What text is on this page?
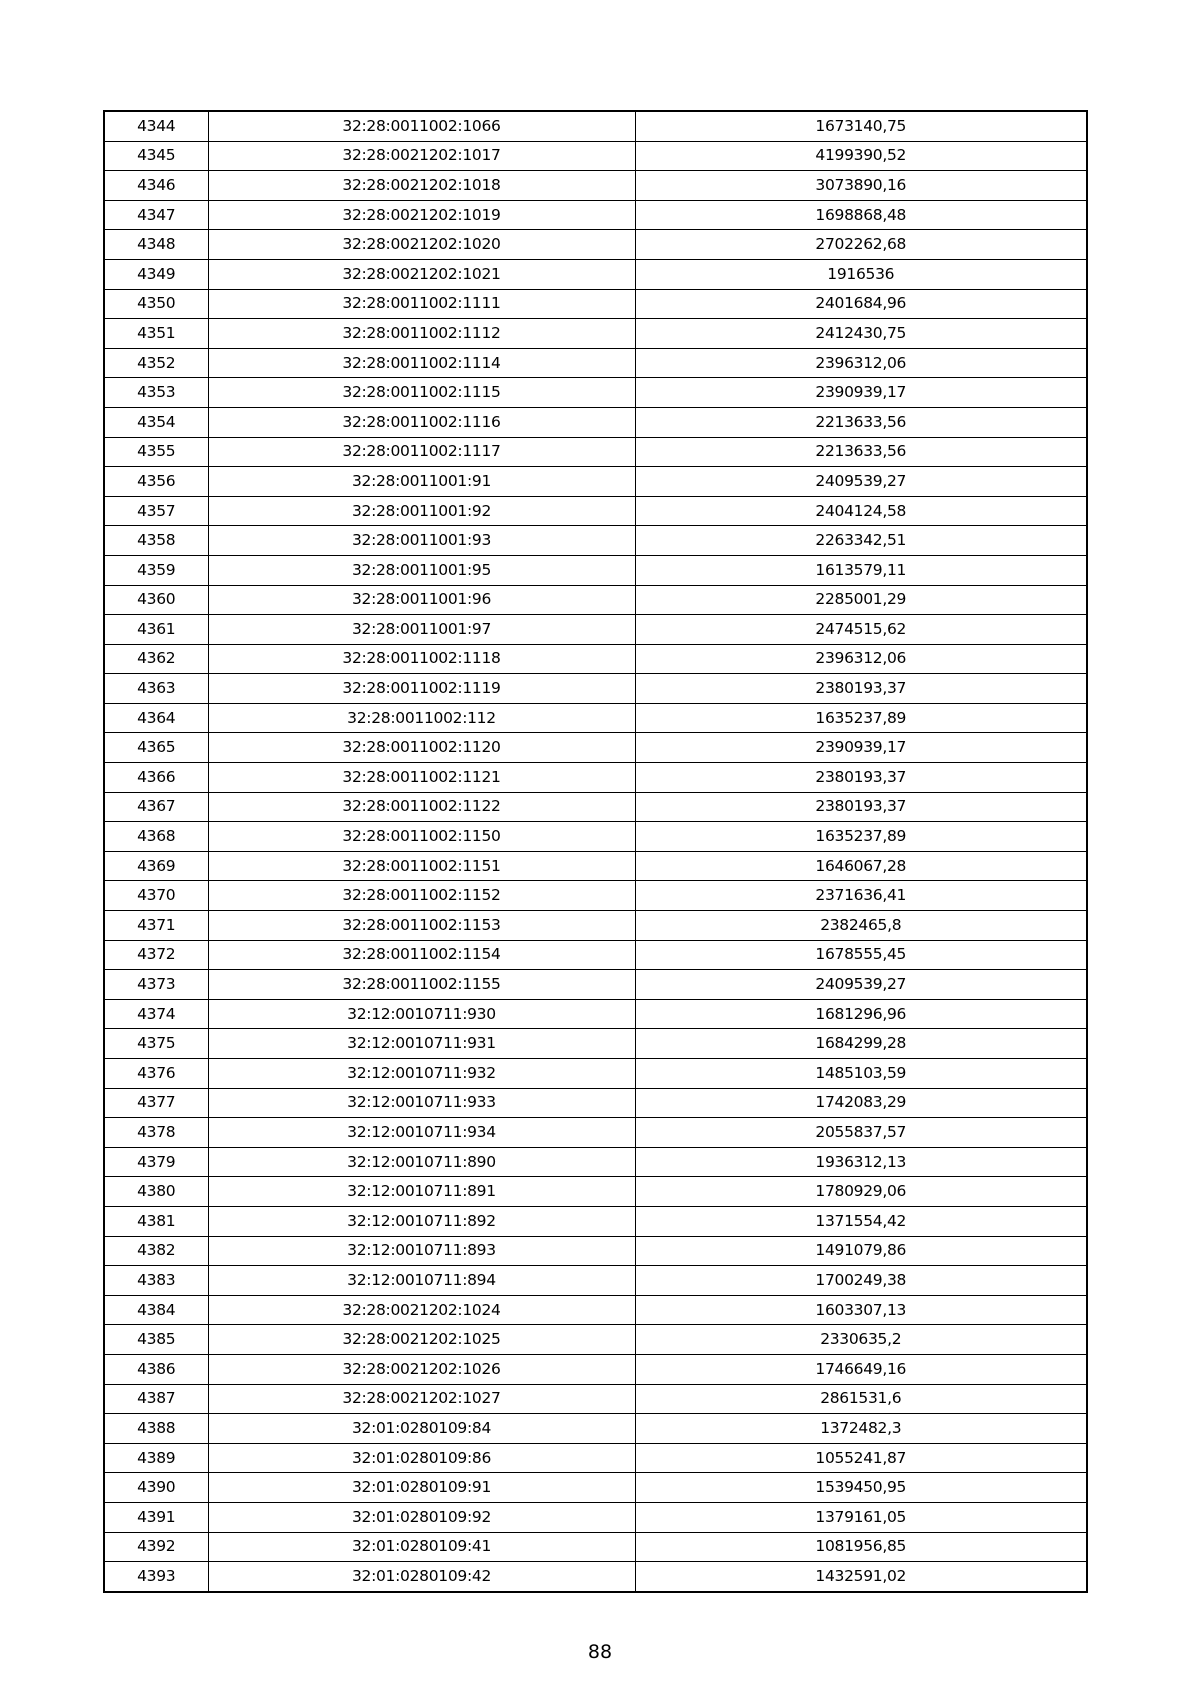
4344	32:28:0011002:1066	1673140,75
4345	32:28:0021202:1017	4199390,52
4346	32:28:0021202:1018	3073890,16
4347	32:28:0021202:1019	1698868,48
4348	32:28:0021202:1020	2702262,68
4349	32:28:0021202:1021	1916536
4350	32:28:0011002:1111	2401684,96
4351	32:28:0011002:1112	2412430,75
4352	32:28:0011002:1114	2396312,06
4353	32:28:0011002:1115	2390939,17
4354	32:28:0011002:1116	2213633,56
4355	32:28:0011002:1117	2213633,56
4356	32:28:0011001:91	2409539,27
4357	32:28:0011001:92	2404124,58
4358	32:28:0011001:93	2263342,51
4359	32:28:0011001:95	1613579,11
4360	32:28:0011001:96	2285001,29
4361	32:28:0011001:97	2474515,62
4362	32:28:0011002:1118	2396312,06
4363	32:28:0011002:1119	2380193,37
4364	32:28:0011002:112	1635237,89
4365	32:28:0011002:1120	2390939,17
4366	32:28:0011002:1121	2380193,37
4367	32:28:0011002:1122	2380193,37
4368	32:28:0011002:1150	1635237,89
4369	32:28:0011002:1151	1646067,28
4370	32:28:0011002:1152	2371636,41
4371	32:28:0011002:1153	2382465,8
4372	32:28:0011002:1154	1678555,45
4373	32:28:0011002:1155	2409539,27
4374	32:12:0010711:930	1681296,96
4375	32:12:0010711:931	1684299,28
4376	32:12:0010711:932	1485103,59
4377	32:12:0010711:933	1742083,29
4378	32:12:0010711:934	2055837,57
4379	32:12:0010711:890	1936312,13
4380	32:12:0010711:891	1780929,06
4381	32:12:0010711:892	1371554,42
4382	32:12:0010711:893	1491079,86
4383	32:12:0010711:894	1700249,38
4384	32:28:0021202:1024	1603307,13
4385	32:28:0021202:1025	2330635,2
4386	32:28:0021202:1026	1746649,16
4387	32:28:0021202:1027	2861531,6
4388	32:01:0280109:84	1372482,3
4389	32:01:0280109:86	1055241,87
4390	32:01:0280109:91	1539450,95
4391	32:01:0280109:92	1379161,05
4392	32:01:0280109:41	1081956,85
4393	32:01:0280109:42	1432591,02
88
